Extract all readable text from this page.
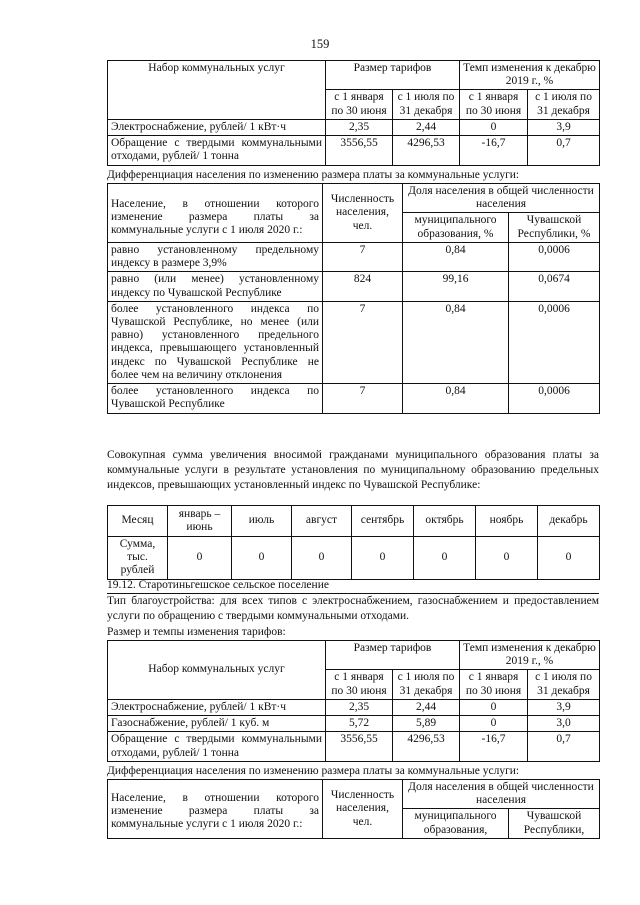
159
Набор коммунальных услуг	Размер тарифов		Темп изменения к декабрю 2019 г., %	
	с 1 января по 30 июня	с 1 июля по 31 декабря	с 1 января по 30 июня	с 1 июля по 31 декабря
Электроснабжение, рублей/ 1 кВт·ч	2,35	2,44	0	3,9
Обращение с твердыми коммунальными отходами, рублей/ 1 тонна	3556,55	4296,53	-16,7	0,7
Дифференциация населения по изменению размера платы за коммунальные услуги:
Население, в отношении которого изменение размера платы за коммунальные услуги с 1 июля 2020 г.:	Численность населения, чел.	Доля населения в общей численности населения	
		муниципального образования, %	Чувашской Республики, %
равно установленному предельному индексу в размере 3,9%	7	0,84	0,0006
равно (или менее) установленному индексу по Чувашской Республике	824	99,16	0,0674
более установленного индекса по Чувашской Республике, но менее (или равно) установленного предельного индекса, превышающего установленный индекс по Чувашской Республике не более чем на величину отклонения	7	0,84	0,0006
более установленного индекса по Чувашской Республике	7	0,84	0,0006
Совокупная сумма увеличения вносимой гражданами муниципального образования платы за коммунальные услуги в результате установления по муниципальному образованию предельных индексов, превышающих установленный индекс по Чувашской Республике:
Месяц	январь – июнь	июль	август	сентябрь	октябрь	ноябрь	декабрь
Сумма, тыс. рублей	0	0	0	0	0	0	0
19.12. Старотиньгешское сельское поселение
Тип благоустройства: для всех типов с электроснабжением, газоснабжением и предоставлением услуги по обращению с твердыми коммунальными отходами.
Размер и темпы изменения тарифов:
Набор коммунальных услуг	Размер тарифов		Темп изменения к декабрю 2019 г., %	
	с 1 января по 30 июня	с 1 июля по 31 декабря	с 1 января по 30 июня	с 1 июля по 31 декабря
Электроснабжение, рублей/ 1 кВт·ч	2,35	2,44	0	3,9
Газоснабжение, рублей/ 1 куб. м	5,72	5,89	0	3,0
Обращение с твердыми коммунальными отходами, рублей/ 1 тонна	3556,55	4296,53	-16,7	0,7
Дифференциация населения по изменению размера платы за коммунальные услуги:
Население, в отношении которого изменение размера платы за коммунальные услуги с 1 июля 2020 г.:	Численность населения, чел.	Доля населения в общей численности населения	
		муниципального образования,	Чувашской Республики,
